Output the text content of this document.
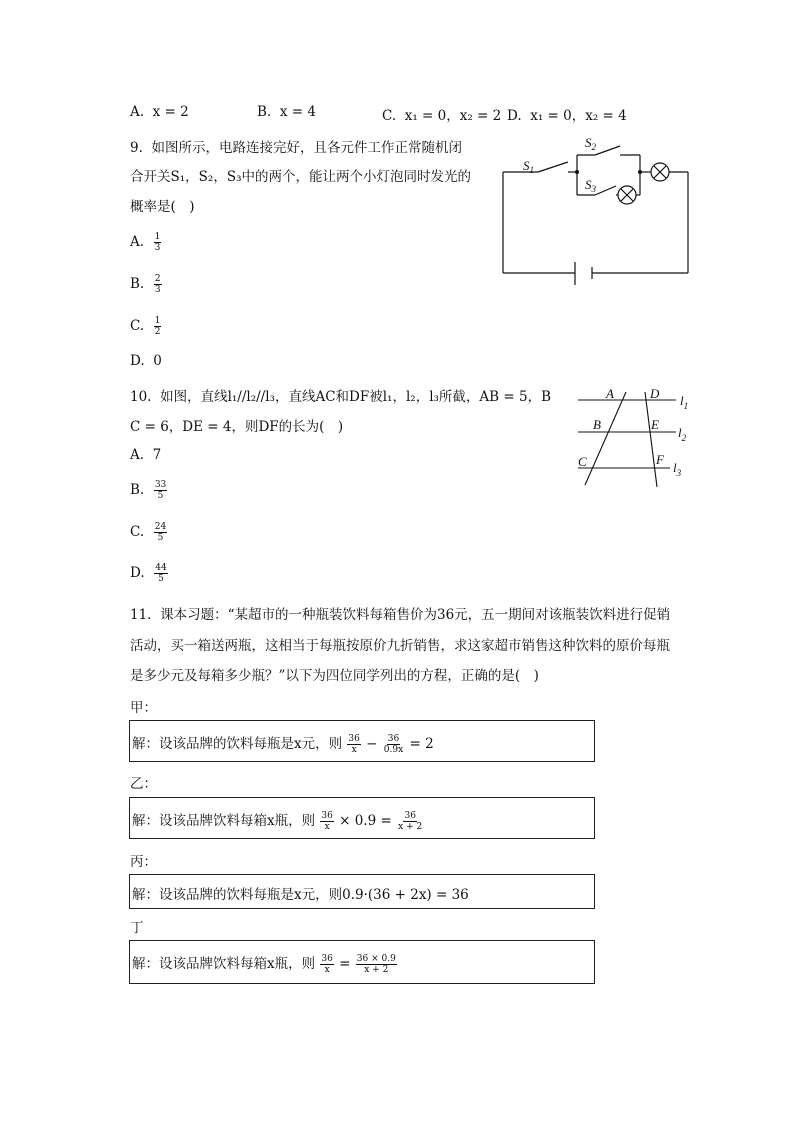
A. x = 2	B. x = 4	C. x₁ = 0，x₂ = 2 D. x₁ = 0，x₂ = 4
9. 如图所示，电路连接完好，且各元件工作正常随机闭
合开关S₁，S₂，S₃中的两个，能让两个小灯泡同时发光的
概率是(　)
A. $\frac{1}{3}$
B. $\frac{2}{3}$
C. $\frac{1}{2}$
D. 0
$S_1$
$S_2$
$S_3$
10. 如图，直线l₁//l₂//l₃，直线AC和DF被l₁，l₂，l₃所截，AB = 5，B
C = 6，DE = 4，则DF的长为(　)
A. 7
B. $\frac{33}{5}$
C. $\frac{24}{5}$
D. $\frac{44}{5}$
A	D
B	E
C	F
$l_1$
$l_2$
$l_3$
11. 课本习题：“某超市的一种瓶装饮料每箱售价为36元，五一期间对该瓶装饮料进行促销
活动，买一箱送两瓶，这相当于每瓶按原价九折销售，求这家超市销售这种饮料的原价每瓶
是多少元及每箱多少瓶？”以下为四位同学列出的方程，正确的是(　)
甲：
解：设该品牌的饮料每瓶是x元，则 $\frac{36}{x} - \frac{36}{0.9x} = 2$
乙：
解：设该品牌饮料每箱x瓶，则 $\frac{36}{x} \times 0.9 = \frac{36}{x + 2}$
丙：
解：设该品牌的饮料每瓶是x元，则0.9·(36 + 2x) = 36
丁
解：设该品牌饮料每箱x瓶，则 $\frac{36}{x} = \frac{36 \times 0.9}{x + 2}$
